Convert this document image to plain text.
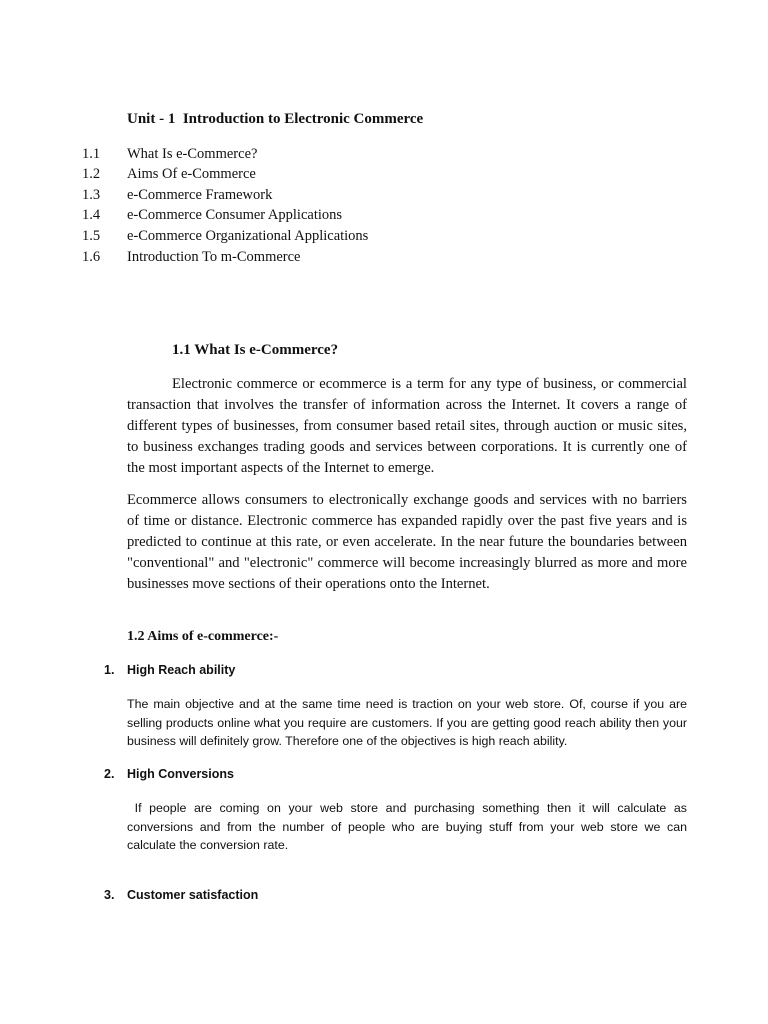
Unit - 1  Introduction to Electronic Commerce
1.1	What Is e-Commerce?
1.2	Aims Of e-Commerce
1.3	e-Commerce Framework
1.4	e-Commerce Consumer Applications
1.5	e-Commerce Organizational Applications
1.6	Introduction To m-Commerce
1.1 What Is e-Commerce?

Electronic commerce or ecommerce is a term for any type of business, or commercial transaction that involves the transfer of information across the Internet. It covers a range of different types of businesses, from consumer based retail sites, through auction or music sites, to business exchanges trading goods and services between corporations. It is currently one of the most important aspects of the Internet to emerge.

Ecommerce allows consumers to electronically exchange goods and services with no barriers of time or distance. Electronic commerce has expanded rapidly over the past five years and is predicted to continue at this rate, or even accelerate. In the near future the boundaries between "conventional" and "electronic" commerce will become increasingly blurred as more and more businesses move sections of their operations onto the Internet.

1.2 Aims of e-commerce:-
1. High Reach ability

The main objective and at the same time need is traction on your web store. Of, course if you are selling products online what you require are customers. If you are getting good reach ability then your business will definitely grow. Therefore one of the objectives is high reach ability.

2. High Conversions

If people are coming on your web store and purchasing something then it will calculate as conversions and from the number of people who are buying stuff from your web store we can calculate the conversion rate.

3. Customer satisfaction
